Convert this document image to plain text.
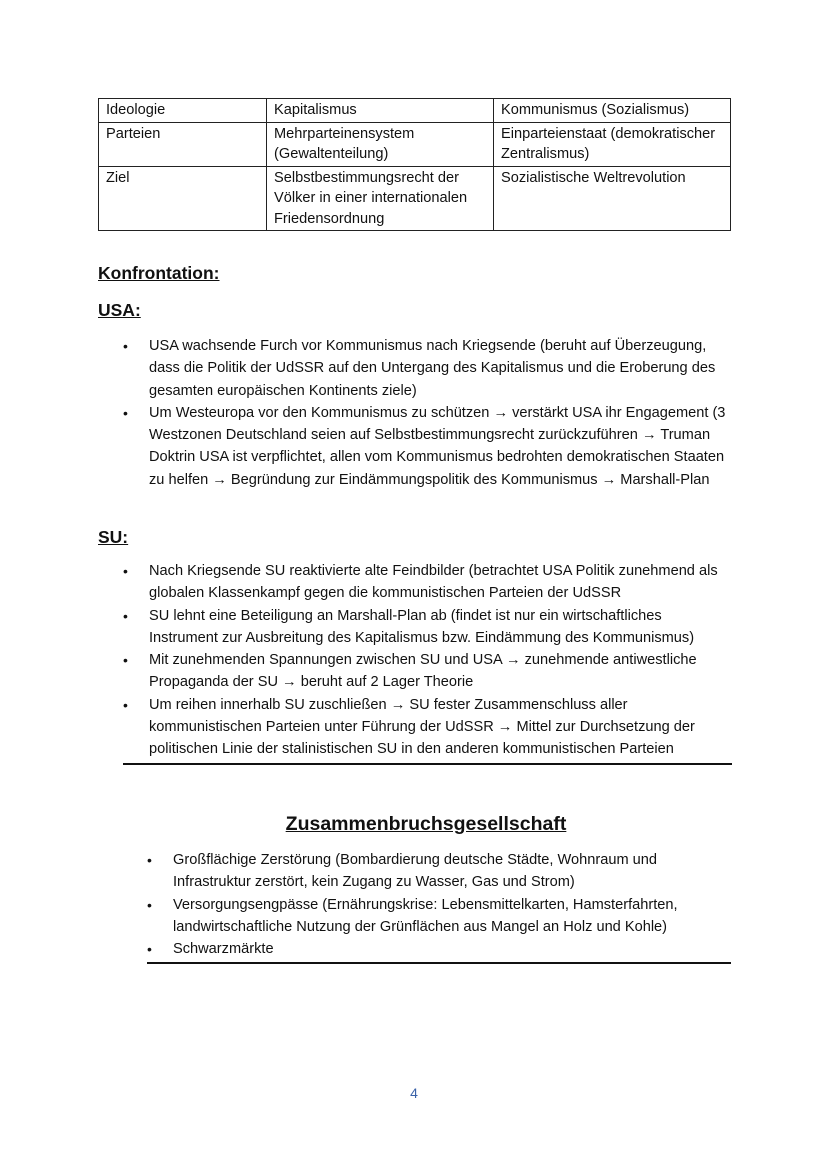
Ideologie	Kapitalismus	Kommunismus (Sozialismus)
Parteien	Mehrparteinensystem (Gewaltenteilung)	Einparteienstaat (demokratischer Zentralismus)
Ziel	Selbstbestimmungsrecht der Völker in einer internationalen Friedensordnung	Sozialistische Weltrevolution
Konfrontation:
USA:
• USA wachsende Furch vor Kommunismus nach Kriegsende (beruht auf Überzeugung, dass die Politik der UdSSR auf den Untergang des Kapitalismus und die Eroberung des gesamten europäischen Kontinents ziele)
• Um Westeuropa vor den Kommunismus zu schützen → verstärkt USA ihr Engagement (3 Westzonen Deutschland seien auf Selbstbestimmungsrecht zurückzuführen → Truman Doktrin USA ist verpflichtet, allen vom Kommunismus bedrohten demokratischen Staaten zu helfen → Begründung zur Eindämmungspolitik des Kommunismus → Marshall-Plan
SU:
• Nach Kriegsende SU reaktivierte alte Feindbilder (betrachtet USA Politik zunehmend als globalen Klassenkampf gegen die kommunistischen Parteien der UdSSR
• SU lehnt eine Beteiligung an Marshall-Plan ab (findet ist nur ein wirtschaftliches Instrument zur Ausbreitung des Kapitalismus bzw. Eindämmung des Kommunismus)
• Mit zunehmenden Spannungen zwischen SU und USA → zunehmende antiwestliche Propaganda der SU → beruht auf 2 Lager Theorie
• Um reihen innerhalb SU zuschließen → SU fester Zusammenschluss aller kommunistischen Parteien unter Führung der UdSSR → Mittel zur Durchsetzung der politischen Linie der stalinistischen SU in den anderen kommunistischen Parteien
Zusammenbruchsgesellschaft
• Großflächige Zerstörung (Bombardierung deutsche Städte, Wohnraum und Infrastruktur zerstört, kein Zugang zu Wasser, Gas und Strom)
• Versorgungsengpässe (Ernährungskrise: Lebensmittelkarten, Hamsterfahrten, landwirtschaftliche Nutzung der Grünflächen aus Mangel an Holz und Kohle)
• Schwarzmärkte
4
